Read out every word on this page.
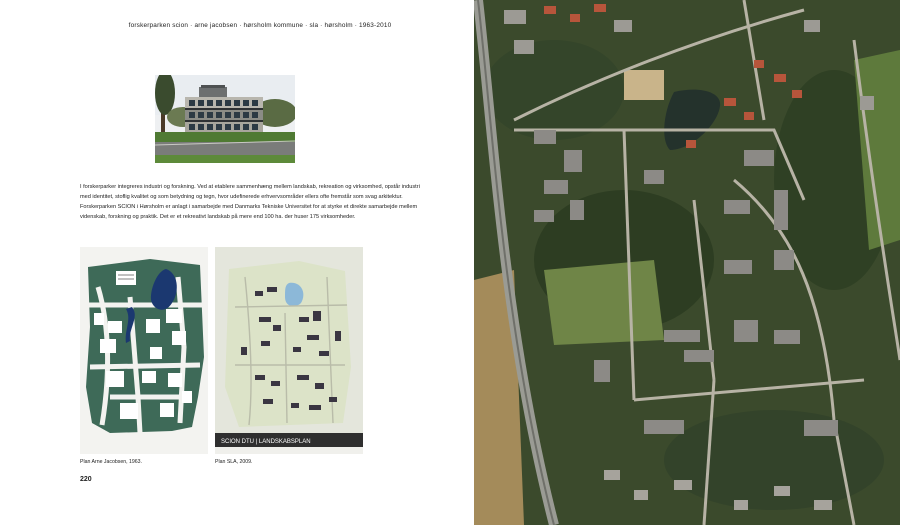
forskerparken scion · arne jacobsen · hørsholm kommune · sla · hørsholm · 1963-2010

I forskerparker integreres industri og forskning. Ved at etablere sammenhæng mellem landskab, rekreation og virksomhed, opstår industri med identitet, stoflig kvalitet og som betydning og tegn, hvor udefinerede erhvervsområder ellers ofte fremstår som svag arkitektur. Forskerparken SCION i Hørsholm er anlagt i samarbejde med Danmarks Tekniske Universitet for at styrke et direkte samarbejde mellem videnskab, forskning og praktik. Det er et rekreativt landskab på mere end 100 ha. der huser 175 virksomheder.

SCION DTU | LANDSKABSPLAN
Plan Arne Jacobsen, 1963.	Plan SLA, 2009.
220
